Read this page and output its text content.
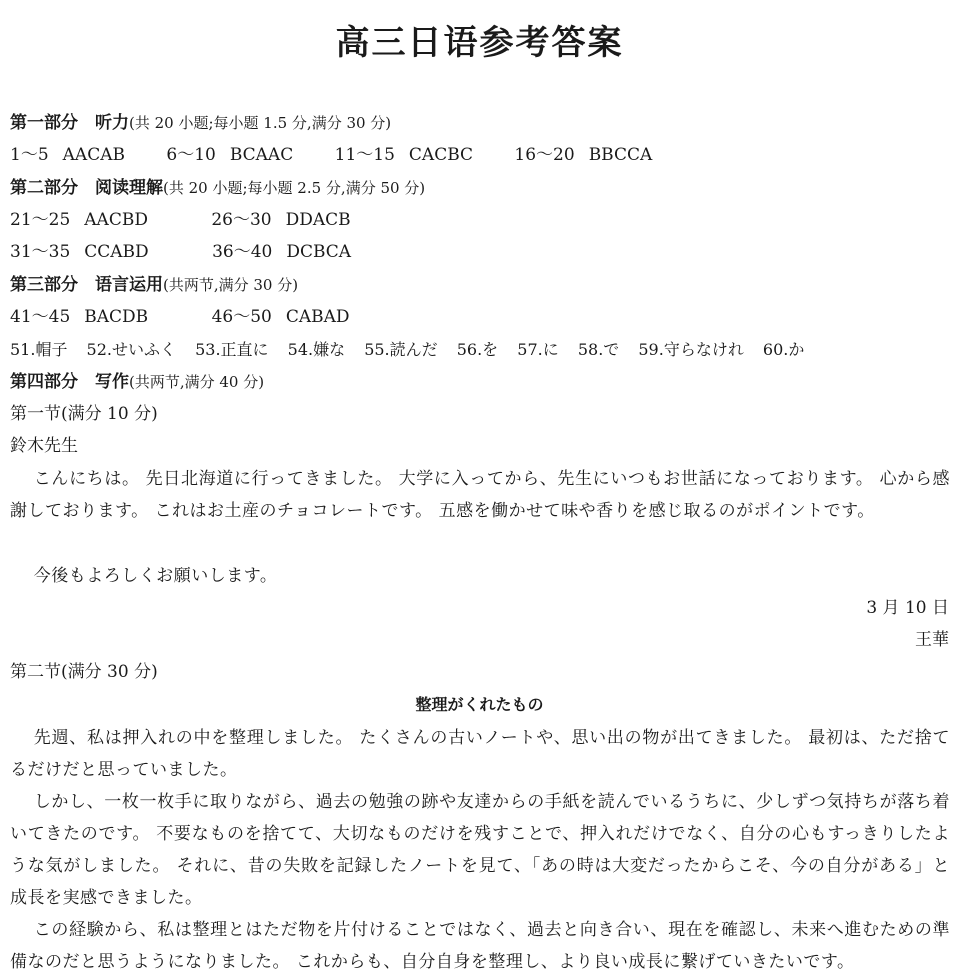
高三日语参考答案
第一部分　听力(共 20 小题;每小题 1.5 分,满分 30 分)
1～5 AACAB 6～10 BCAAC 11～15 CACBC 16～20 BBCCA
第二部分　阅读理解(共 20 小题;每小题 2.5 分,满分 50 分)
21～25 AACBD	26～30 DDACB
31～35 CCABD	36～40 DCBCA
第三部分　语言运用(共两节,满分 30 分)
41～45 BACDB	46～50 CABAD
51.帽子 52.せいふく 53.正直に 54.嫌な 55.読んだ 56.を 57.に 58.で 59.守らなけれ 60.か
第四部分　写作(共两节,满分 40 分)
第一节(满分 10 分)
鈴木先生
こんにちは。 先日北海道に行ってきました。 大学に入ってから、先生にいつもお世話になっております。 心から感謝しております。 これはお土産のチョコレートです。 五感を働かせて味や香りを感じ取るのがポイントです。
今後もよろしくお願いします。
3 月 10 日
王華
第二节(满分 30 分)
整理がくれたもの
先週、私は押入れの中を整理しました。 たくさんの古いノートや、思い出の物が出てきました。 最初は、ただ捨てるだけだと思っていました。
しかし、一枚一枚手に取りながら、過去の勉強の跡や友達からの手紙を読んでいるうちに、少しずつ気持ちが落ち着いてきたのです。 不要なものを捨てて、大切なものだけを残すことで、押入れだけでなく、自分の心もすっきりしたような気がしました。 それに、昔の失敗を記録したノートを見て、「あの時は大変だったからこそ、今の自分がある」と成長を実感できました。
この経験から、私は整理とはただ物を片付けることではなく、過去と向き合い、現在を確認し、未来へ進むための準備なのだと思うようになりました。 これからも、自分自身を整理し、より良い成長に繋げていきたいです。
